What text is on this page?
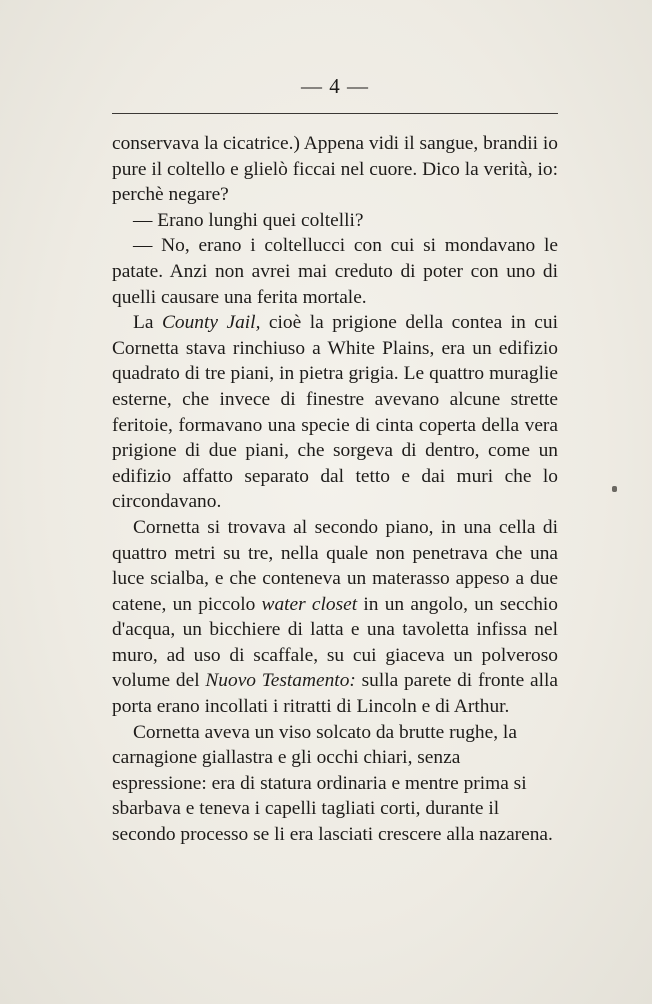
— 4 —

conservava la cicatrice.) Appena vidi il sangue, brandii io pure il coltello e glielò ficcai nel cuore. Dico la verità, io: perchè negare?

— Erano lunghi quei coltelli?

— No, erano i coltellucci con cui si mondavano le patate. Anzi non avrei mai creduto di poter con uno di quelli causare una ferita mortale.

La County Jail, cioè la prigione della contea in cui Cornetta stava rinchiuso a White Plains, era un edifizio quadrato di tre piani, in pietra grigia. Le quattro muraglie esterne, che invece di finestre avevano alcune strette feritoie, formavano una specie di cinta coperta della vera prigione di due piani, che sorgeva di dentro, come un edifizio affatto separato dal tetto e dai muri che lo circondavano.

Cornetta si trovava al secondo piano, in una cella di quattro metri su tre, nella quale non penetrava che una luce scialba, e che conteneva un materasso appeso a due catene, un piccolo water closet in un angolo, un secchio d'acqua, un bicchiere di latta e una tavoletta infissa nel muro, ad uso di scaffale, su cui giaceva un polveroso volume del Nuovo Testamento: sulla parete di fronte alla porta erano incollati i ritratti di Lincoln e di Arthur.

Cornetta aveva un viso solcato da brutte rughe, la carnagione giallastra e gli occhi chiari, senza espressione: era di statura ordinaria e mentre prima si sbarbava e teneva i capelli tagliati corti, durante il secondo processo se li era lasciati crescere alla nazarena.
